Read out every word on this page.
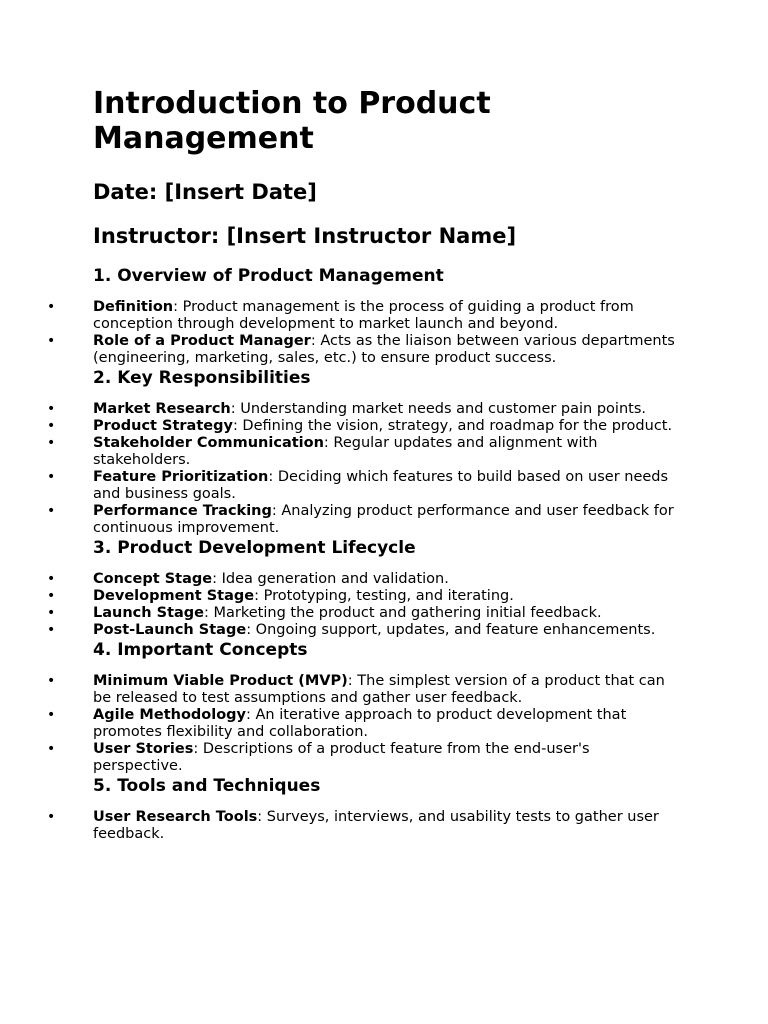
Introduction to Product Management

Date: [Insert Date]

Instructor: [Insert Instructor Name]

1. Overview of Product Management
•	Definition: Product management is the process of guiding a product from conception through development to market launch and beyond.
•	Role of a Product Manager: Acts as the liaison between various departments (engineering, marketing, sales, etc.) to ensure product success.
2. Key Responsibilities
•	Market Research: Understanding market needs and customer pain points.
•	Product Strategy: Defining the vision, strategy, and roadmap for the product.
•	Stakeholder Communication: Regular updates and alignment with stakeholders.
•	Feature Prioritization: Deciding which features to build based on user needs and business goals.
•	Performance Tracking: Analyzing product performance and user feedback for continuous improvement.
3. Product Development Lifecycle
•	Concept Stage: Idea generation and validation.
•	Development Stage: Prototyping, testing, and iterating.
•	Launch Stage: Marketing the product and gathering initial feedback.
•	Post-Launch Stage: Ongoing support, updates, and feature enhancements.
4. Important Concepts
•	Minimum Viable Product (MVP): The simplest version of a product that can be released to test assumptions and gather user feedback.
•	Agile Methodology: An iterative approach to product development that promotes flexibility and collaboration.
•	User Stories: Descriptions of a product feature from the end-user's perspective.
5. Tools and Techniques
•	User Research Tools: Surveys, interviews, and usability tests to gather user feedback.
